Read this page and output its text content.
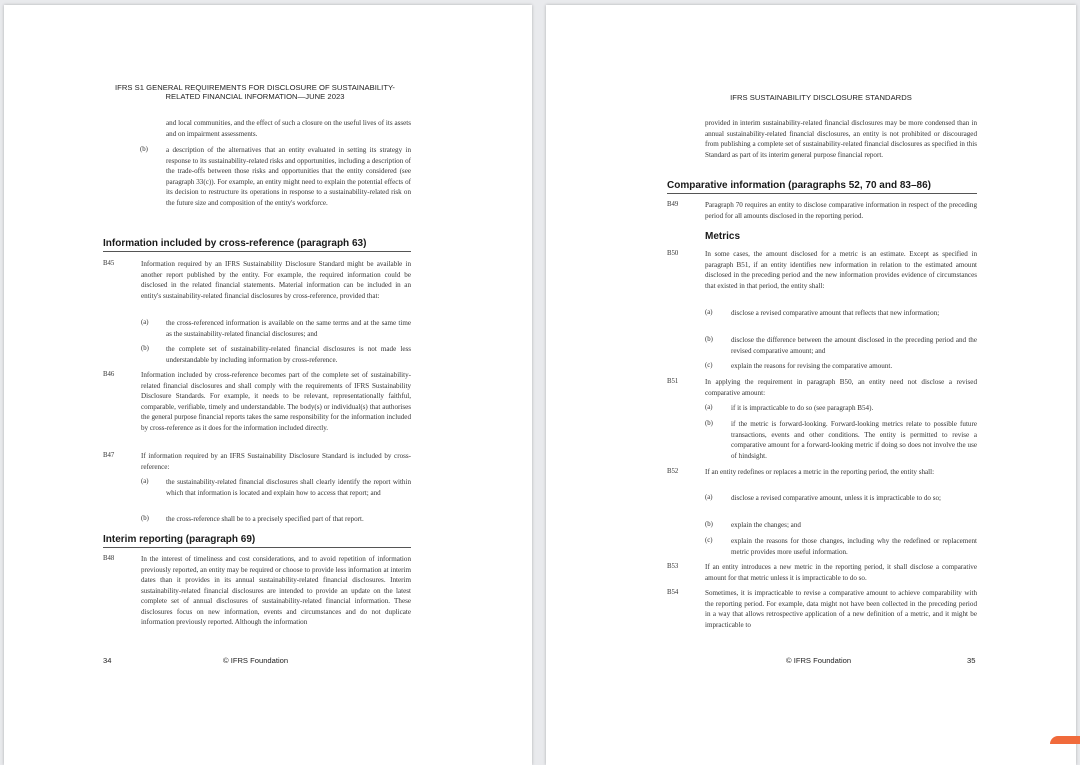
IFRS S1 GENERAL REQUIREMENTS FOR DISCLOSURE OF SUSTAINABILITY-RELATED FINANCIAL INFORMATION—JUNE 2023
and local communities, and the effect of such a closure on the useful lives of its assets and on impairment assessments.
(b)	a description of the alternatives that an entity evaluated in setting its strategy in response to its sustainability-related risks and opportunities, including a description of the trade-offs between those risks and opportunities that the entity considered (see paragraph 33(c)). For example, an entity might need to explain the potential effects of its decision to restructure its operations in response to a sustainability-related risk on the future size and composition of the entity's workforce.
Information included by cross-reference (paragraph 63)
B45	Information required by an IFRS Sustainability Disclosure Standard might be available in another report published by the entity. For example, the required information could be disclosed in the related financial statements. Material information can be included in an entity's sustainability-related financial disclosures by cross-reference, provided that:
(a) the cross-referenced information is available on the same terms and at the same time as the sustainability-related financial disclosures; and
(b) the complete set of sustainability-related financial disclosures is not made less understandable by including information by cross-reference.
B46	Information included by cross-reference becomes part of the complete set of sustainability-related financial disclosures and shall comply with the requirements of IFRS Sustainability Disclosure Standards. For example, it needs to be relevant, representationally faithful, comparable, verifiable, timely and understandable. The body(s) or individual(s) that authorises the general purpose financial reports takes the same responsibility for the information included by cross-reference as it does for the information included directly.
B47	If information required by an IFRS Sustainability Disclosure Standard is included by cross-reference:
(a) the sustainability-related financial disclosures shall clearly identify the report within which that information is located and explain how to access that report; and
(b) the cross-reference shall be to a precisely specified part of that report.
Interim reporting (paragraph 69)
B48	In the interest of timeliness and cost considerations, and to avoid repetition of information previously reported, an entity may be required or choose to provide less information at interim dates than it provides in its annual sustainability-related financial disclosures. Interim sustainability-related financial disclosures are intended to provide an update on the latest complete set of annual disclosures of sustainability-related financial information. These disclosures focus on new information, events and circumstances and do not duplicate information previously reported. Although the information
34	© IFRS Foundation
IFRS SUSTAINABILITY DISCLOSURE STANDARDS
provided in interim sustainability-related financial disclosures may be more condensed than in annual sustainability-related financial disclosures, an entity is not prohibited or discouraged from publishing a complete set of sustainability-related financial disclosures as specified in this Standard as part of its interim general purpose financial report.
Comparative information (paragraphs 52, 70 and 83–86)
B49	Paragraph 70 requires an entity to disclose comparative information in respect of the preceding period for all amounts disclosed in the reporting period.
Metrics
B50	In some cases, the amount disclosed for a metric is an estimate. Except as specified in paragraph B51, if an entity identifies new information in relation to the estimated amount disclosed in the preceding period and the new information provides evidence of circumstances that existed in that period, the entity shall:
(a)	disclose a revised comparative amount that reflects that new information;
(b)	disclose the difference between the amount disclosed in the preceding period and the revised comparative amount; and
(c)	explain the reasons for revising the comparative amount.
B51	In applying the requirement in paragraph B50, an entity need not disclose a revised comparative amount:
(a)	if it is impracticable to do so (see paragraph B54).
(b)	if the metric is forward-looking. Forward-looking metrics relate to possible future transactions, events and other conditions. The entity is permitted to revise a comparative amount for a forward-looking metric if doing so does not involve the use of hindsight.
B52	If an entity redefines or replaces a metric in the reporting period, the entity shall:
(a)	disclose a revised comparative amount, unless it is impracticable to do so;
(b)	explain the changes; and
(c)	explain the reasons for those changes, including why the redefined or replacement metric provides more useful information.
B53	If an entity introduces a new metric in the reporting period, it shall disclose a comparative amount for that metric unless it is impracticable to do so.
B54	Sometimes, it is impracticable to revise a comparative amount to achieve comparability with the reporting period. For example, data might not have been collected in the preceding period in a way that allows retrospective application of a new definition of a metric, and it might be impracticable to
© IFRS Foundation	35
